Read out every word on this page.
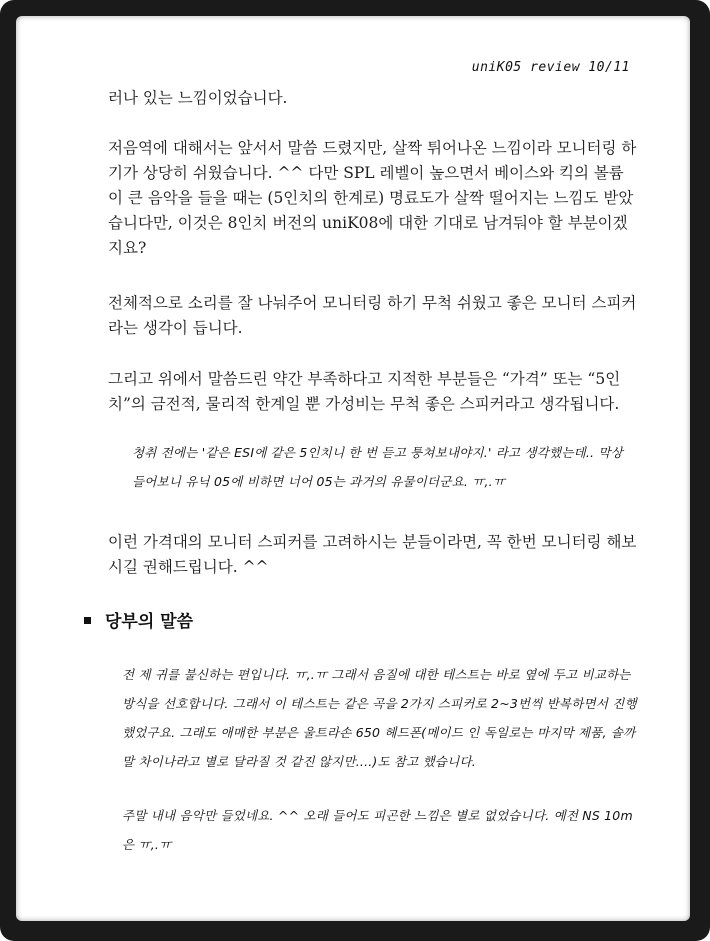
uniK05 review 10/11

러나 있는 느낌이었습니다.

저음역에 대해서는 앞서서 말씀 드렸지만, 살짝 튀어나온 느낌이라 모니터링 하기가 상당히 쉬웠습니다. ^^ 다만 SPL 레벨이 높으면서 베이스와 킥의 볼륨이 큰 음악을 들을 때는 (5인치의 한계로) 명료도가 살짝 떨어지는 느낌도 받았습니다만, 이것은 8인치 버전의 uniK08에 대한 기대로 남겨둬야 할 부분이겠지요?

전체적으로 소리를 잘 나눠주어 모니터링 하기 무척 쉬웠고 좋은 모니터 스피커라는 생각이 듭니다.

그리고 위에서 말씀드린 약간 부족하다고 지적한 부분들은 “가격” 또는 “5인치”의 금전적, 물리적 한계일 뿐 가성비는 무척 좋은 스피커라고 생각됩니다.

청취 전에는 '같은 ESI에 같은 5인치니 한 번 듣고 퉁쳐보내야지.' 라고 생각했는데.. 막상 들어보니 유닉 05에 비하면 너어 05는 과거의 유물이더군요. ㅠ,.ㅠ

이런 가격대의 모니터 스피커를 고려하시는 분들이라면, 꼭 한번 모니터링 해보시길 권해드립니다. ^^

당부의 말씀

전 제 귀를 불신하는 편입니다. ㅠ,.ㅠ 그래서 음질에 대한 테스트는 바로 옆에 두고 비교하는 방식을 선호합니다. 그래서 이 테스트는 같은 곡을 2가지 스피커로 2~3번씩 반복하면서 진행했었구요. 그래도 애매한 부분은 울트라손 650 헤드폰(메이드 인 독일로는 마지막 제품, 솔까말 차이나라고 별로 달라질 것 같진 않지만....)도 참고 했습니다.

주말 내내 음악만 들었네요. ^^ 오래 들어도 피곤한 느낌은 별로 없었습니다. 예전 NS 10m은 ㅠ,.ㅠ
